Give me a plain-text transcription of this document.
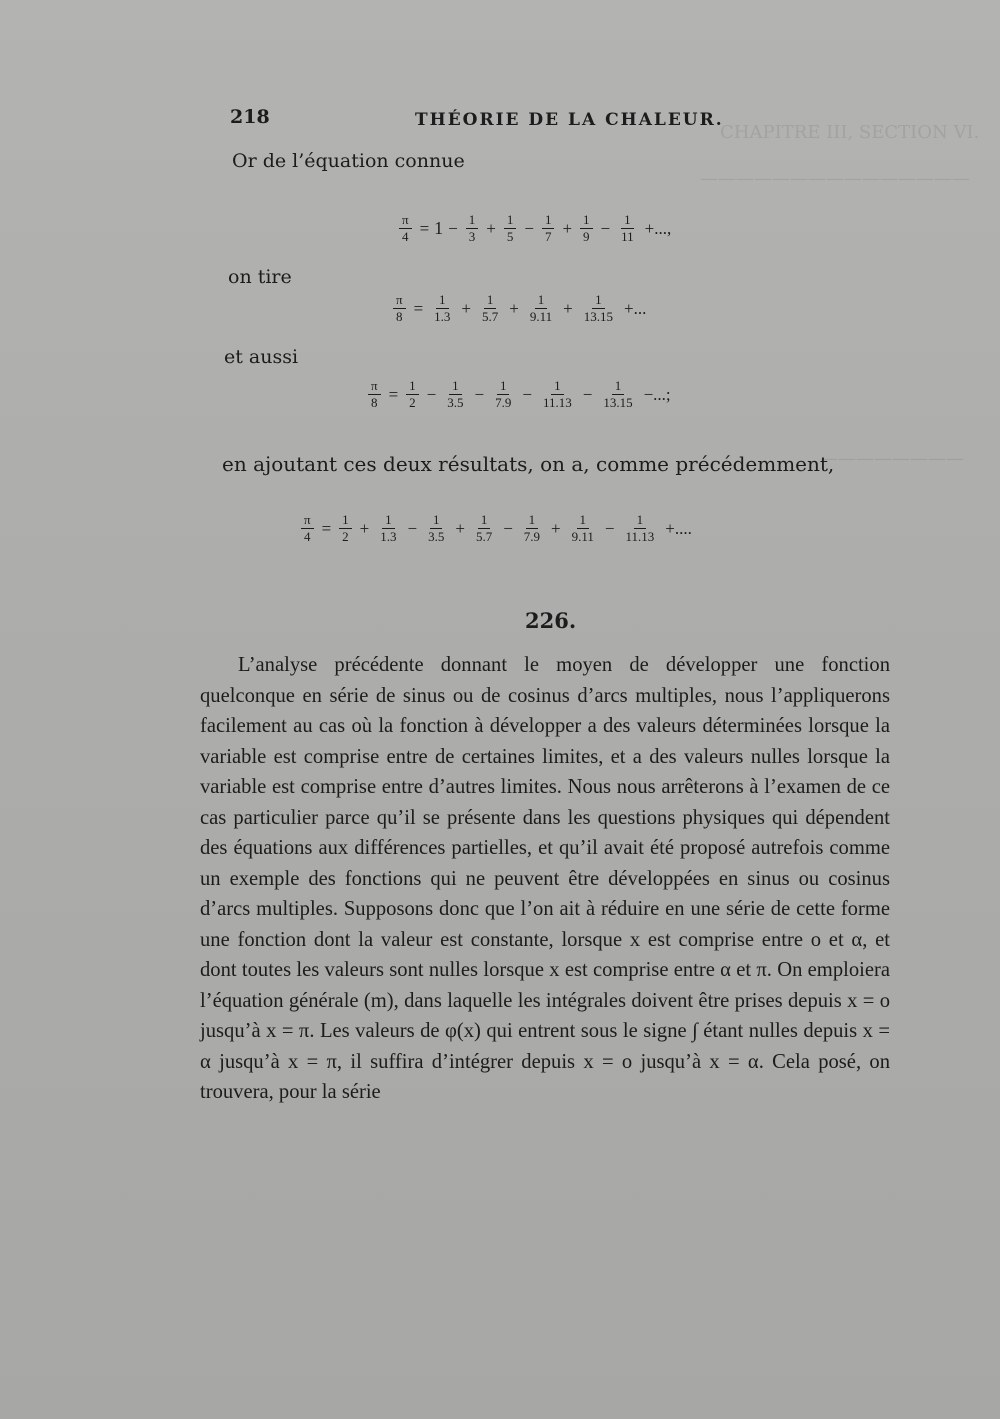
CHAPITRE III, SECTION VI.
———————————————
————————
218	THÉORIE DE LA CHALEUR.
Or de l’équation connue
$\frac{\pi}{4} = 1 - \frac{1}{3} + \frac{1}{5} - \frac{1}{7} + \frac{1}{9} - \frac{1}{11}$ +...,
on tire
$\frac{\pi}{8} = \frac{1}{1.3} + \frac{1}{5.7} + \frac{1}{9.11} + \frac{1}{13.15}$ +...
et aussi
$\frac{\pi}{8} = \frac{1}{2} - \frac{1}{3.5} - \frac{1}{7.9} - \frac{1}{11.13} - \frac{1}{13.15}$ −...;
en ajoutant ces deux résultats, on a, comme précédemment,
$\frac{\pi}{4} = \frac{1}{2} + \frac{1}{1.3} - \frac{1}{3.5} + \frac{1}{5.7} - \frac{1}{7.9} + \frac{1}{9.11} - \frac{1}{11.13}$ +....
226.

L’analyse précédente donnant le moyen de développer une fonction quelconque en série de sinus ou de cosinus d’arcs multiples, nous l’appliquerons facilement au cas où la fonction à développer a des valeurs déterminées lorsque la variable est comprise entre de certaines limites, et a des valeurs nulles lorsque la variable est comprise entre d’autres limites. Nous nous arrêterons à l’examen de ce cas particulier parce qu’il se présente dans les questions physiques qui dépendent des équations aux différences partielles, et qu’il avait été proposé autrefois comme un exemple des fonctions qui ne peuvent être développées en sinus ou cosinus d’arcs multiples. Supposons donc que l’on ait à réduire en une série de cette forme une fonction dont la valeur est constante, lorsque x est comprise entre o et α, et dont toutes les valeurs sont nulles lorsque x est comprise entre α et π. On emploiera l’équation générale (m), dans laquelle les intégrales doivent être prises depuis x = o jusqu’à x = π. Les valeurs de φ(x) qui entrent sous le signe ∫ étant nulles depuis x = α jusqu’à x = π, il suffira d’intégrer depuis x = o jusqu’à x = α. Cela posé, on trouvera, pour la série
